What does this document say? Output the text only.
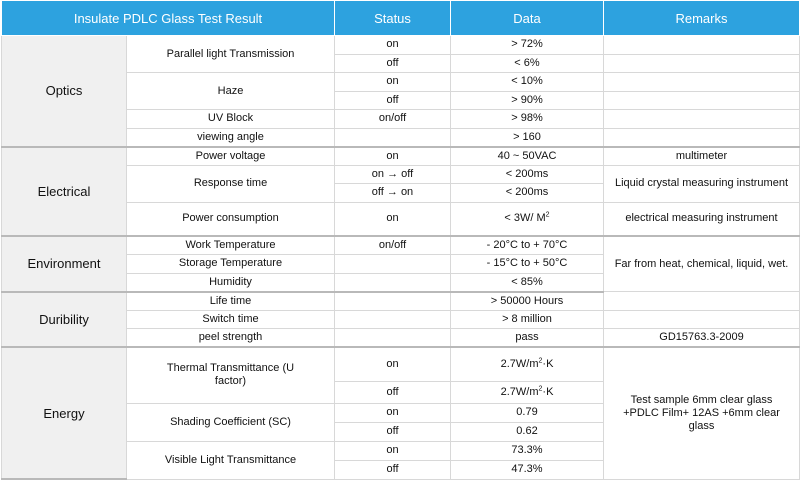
Insulate PDLC Glass Test Result		Status	Data	Remarks
Optics	Parallel light Transmission	on	> 72%	
		off	< 6%	
	Haze	on	< 10%	
		off	> 90%	
	UV Block	on/off	> 98%	
	viewing angle		> 160	
Electrical	Power voltage	on	40 ~ 50VAC	multimeter
	Response time	on → off	< 200ms	Liquid crystal measuring instrument
		off → on	< 200ms	
	Power consumption	on	< 3W/ $M^2$	electrical measuring instrument
Environment	Work Temperature	on/off	- 20°C to + 70°C	Far from heat, chemical, liquid, wet.
	Storage Temperature		- 15°C to + 50°C	
	Humidity		< 85%	
Duribility	Life time		> 50000 Hours	
	Switch time		> 8 million	
	peel strength		pass	GD15763.3-2009
Energy	Thermal Transmittance (U factor)	on	$2.7W/m^2\cdot K$	Test sample 6mm clear glass +PDLC Film+ 12AS +6mm clear glass
		off	$2.7W/m^2\cdot K$	
	Shading Coefficient (SC)	on	0.79	
		off	0.62	
	Visible Light Transmittance	on	73.3%	
		off	47.3%	
